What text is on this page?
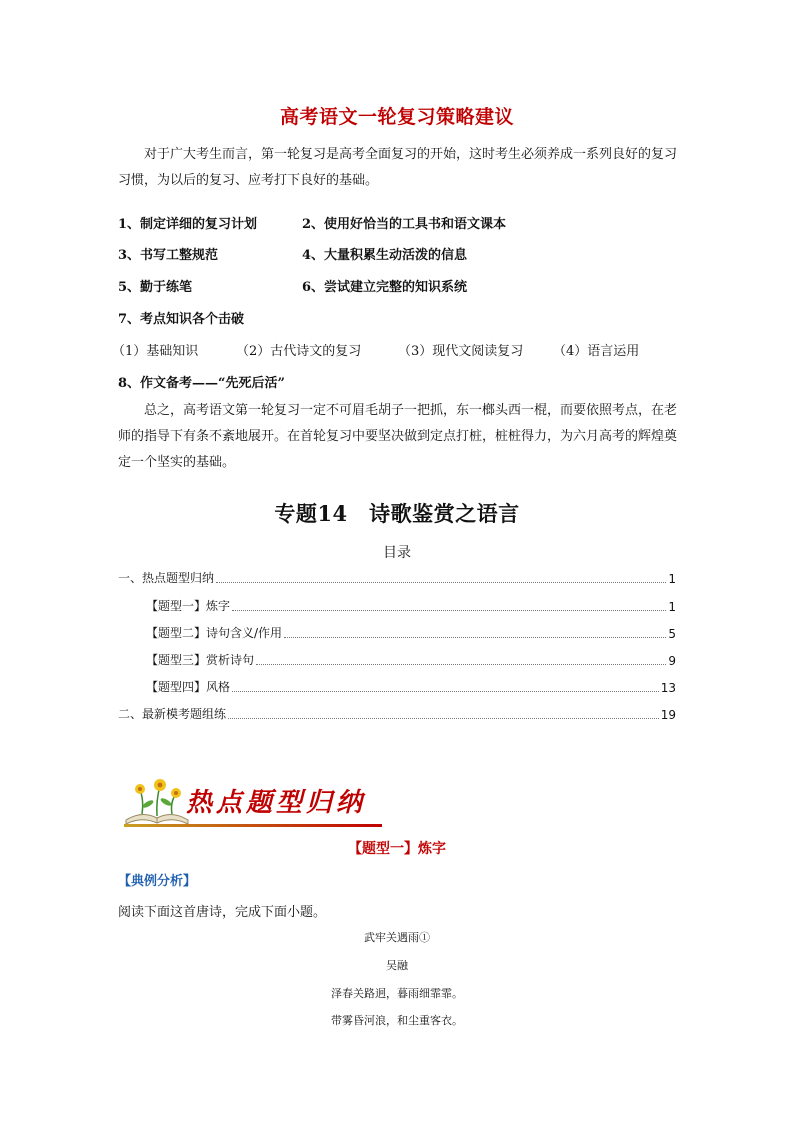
高考语文一轮复习策略建议
对于广大考生而言，第一轮复习是高考全面复习的开始，这时考生必须养成一系列良好的复习习惯，为以后的复习、应考打下良好的基础。
1、制定详细的复习计划	2、使用好恰当的工具书和语文课本
3、书写工整规范	4、大量积累生动活泼的信息
5、勤于练笔	6、尝试建立完整的知识系统
7、考点知识各个击破
（1）基础知识	（2）古代诗文的复习	（3）现代文阅读复习 （4）语言运用
8、作文备考——“先死后活”
总之，高考语文第一轮复习一定不可眉毛胡子一把抓，东一榔头西一棍，而要依照考点，在老师的指导下有条不紊地展开。在首轮复习中要坚决做到定点打桩，桩桩得力，为六月高考的辉煌奠定一个坚实的基础。
专题14　诗歌鉴赏之语言
目录
一、热点题型归纳	1
【题型一】炼字	1
【题型二】诗句含义/作用	5
【题型三】赏析诗句	9
【题型四】风格	13
二、最新模考题组练	19
热点题型归纳
【题型一】炼字
【典例分析】
阅读下面这首唐诗，完成下面小题。
武牢关遇雨①
吴融
泽春关路迥，暮雨细霏霏。
带雾昏河浪，和尘重客衣。
